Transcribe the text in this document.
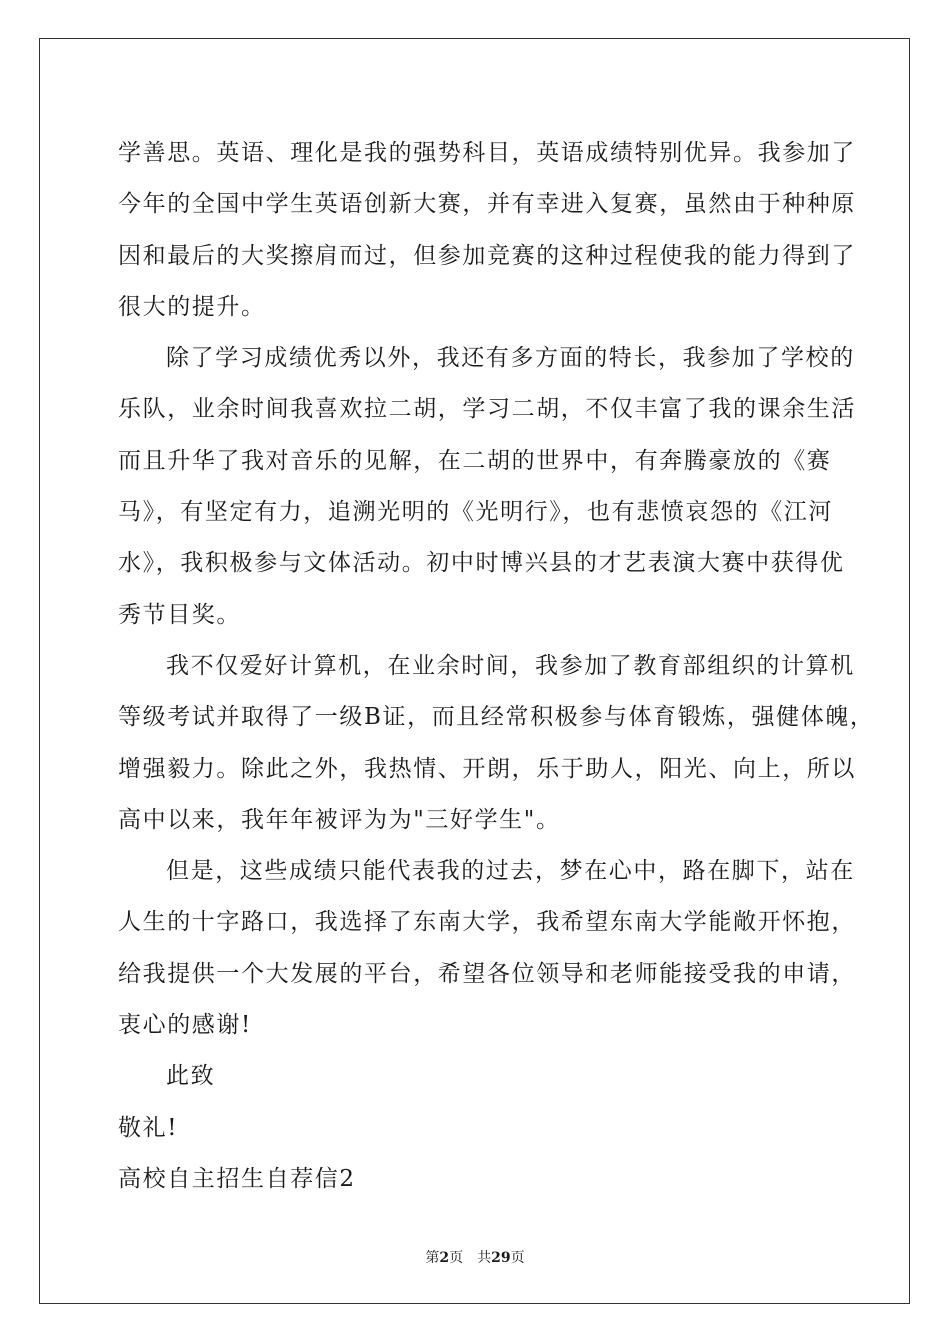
学善思。英语、理化是我的强势科目，英语成绩特别优异。我参加了
今年的全国中学生英语创新大赛，并有幸进入复赛，虽然由于种种原
因和最后的大奖擦肩而过，但参加竞赛的这种过程使我的能力得到了
很大的提升。
除了学习成绩优秀以外，我还有多方面的特长，我参加了学校的
乐队，业余时间我喜欢拉二胡，学习二胡，不仅丰富了我的课余生活
而且升华了我对音乐的见解，在二胡的世界中，有奔腾豪放的《赛
马》，有坚定有力，追溯光明的《光明行》，也有悲愤哀怨的《江河
水》，我积极参与文体活动。初中时博兴县的才艺表演大赛中获得优
秀节目奖。
我不仅爱好计算机，在业余时间，我参加了教育部组织的计算机
等级考试并取得了一级B证，而且经常积极参与体育锻炼，强健体魄，
增强毅力。除此之外，我热情、开朗，乐于助人，阳光、向上，所以
高中以来，我年年被评为为"三好学生"。
但是，这些成绩只能代表我的过去，梦在心中，路在脚下，站在
人生的十字路口，我选择了东南大学，我希望东南大学能敞开怀抱，
给我提供一个大发展的平台，希望各位领导和老师能接受我的申请，
衷心的感谢!
此致
敬礼!
高校自主招生自荐信2
第2页 共29页
